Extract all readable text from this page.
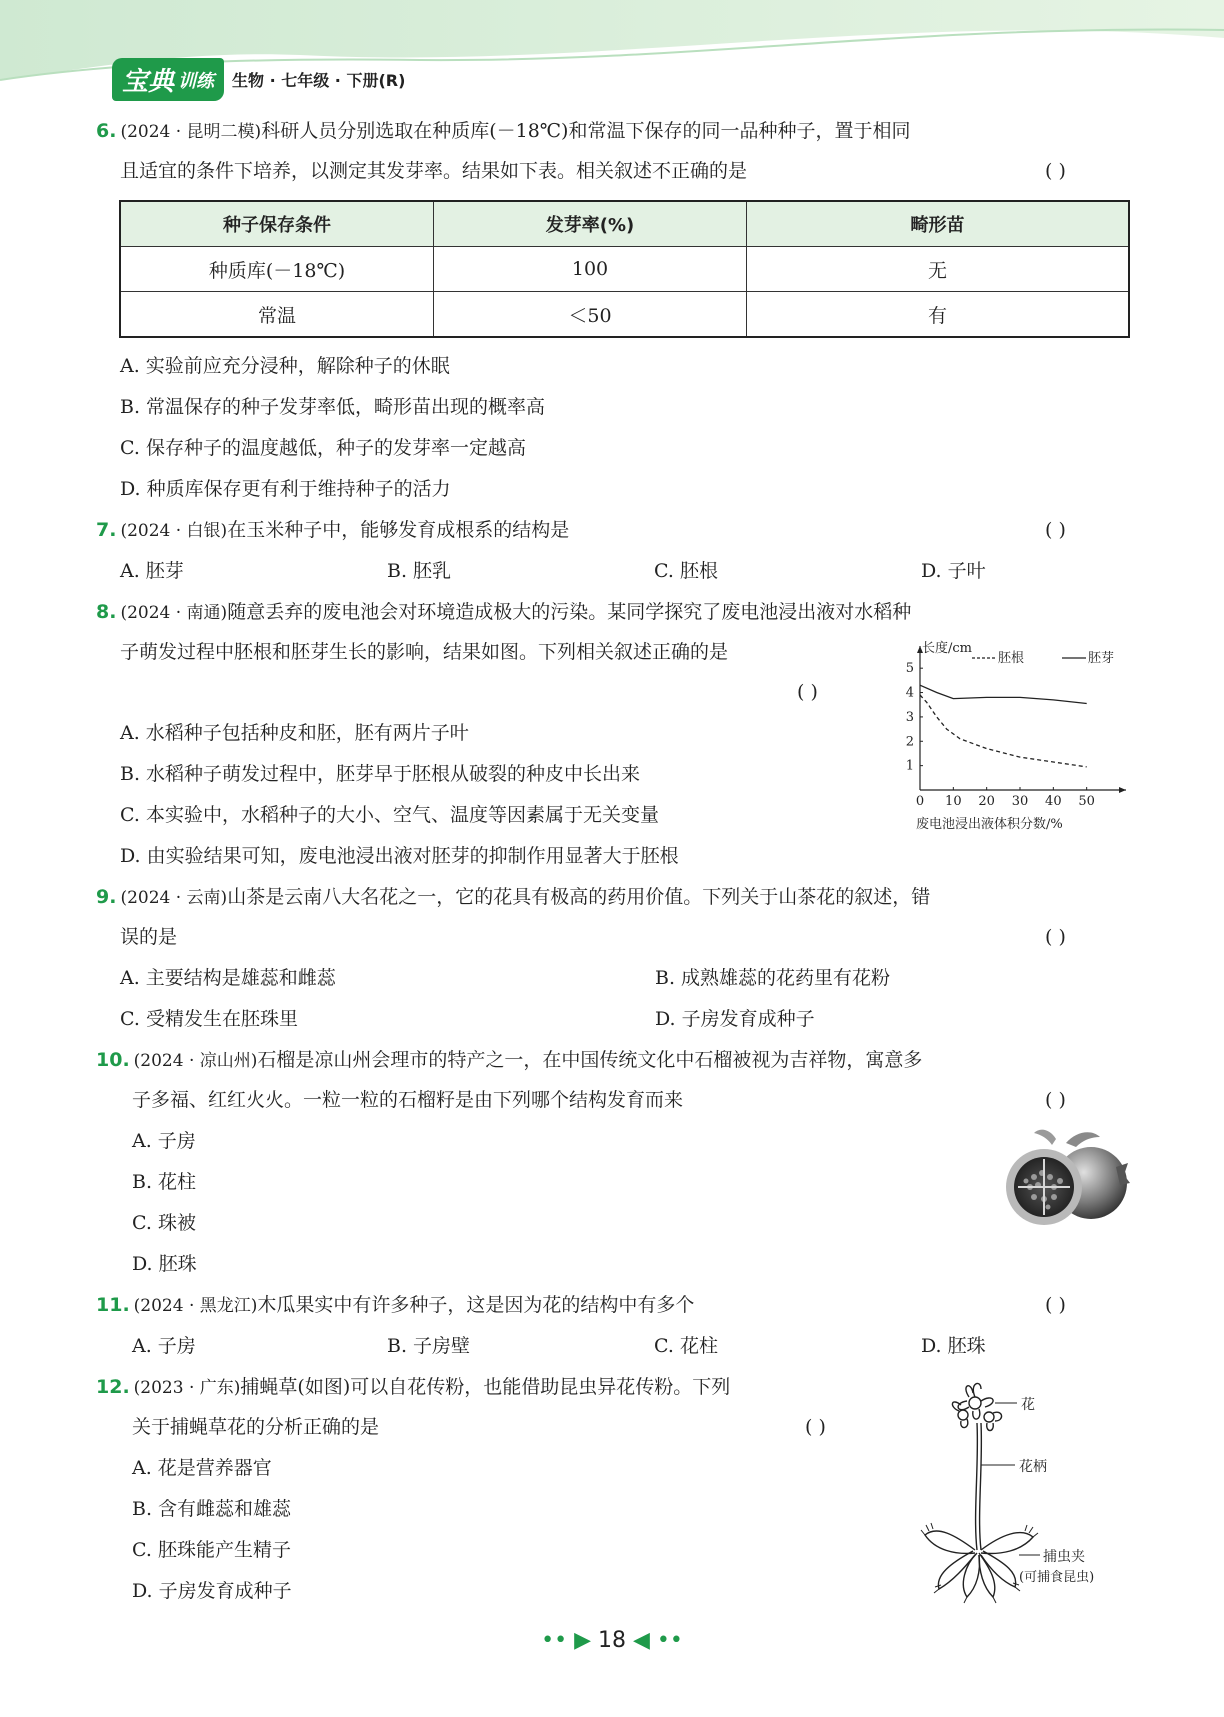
宝典 训练 生物 · 七年级 · 下册(R)
6. (2024 · 昆明二模)科研人员分别选取在种质库(－18℃)和常温下保存的同一品种种子，置于相同
且适宜的条件下培养，以测定其发芽率。结果如下表。相关叙述不正确的是	( )
种子保存条件	发芽率(%)	畸形苗
种质库(－18℃)	100	无
常温	＜50	有
A. 实验前应充分浸种，解除种子的休眠
B. 常温保存的种子发芽率低，畸形苗出现的概率高
C. 保存种子的温度越低，种子的发芽率一定越高
D. 种质库保存更有利于维持种子的活力
7. (2024 · 白银)在玉米种子中，能够发育成根系的结构是	( )
A. 胚芽	B. 胚乳	C. 胚根	D. 子叶
8. (2024 · 南通)随意丢弃的废电池会对环境造成极大的污染。某同学探究了废电池浸出液对水稻种
子萌发过程中胚根和胚芽生长的影响，结果如图。下列相关叙述正确的是
( )
A. 水稻种子包括种皮和胚，胚有两片子叶
B. 水稻种子萌发过程中，胚芽早于胚根从破裂的种皮中长出来
C. 本实验中，水稻种子的大小、空气、温度等因素属于无关变量
D. 由实验结果可知，废电池浸出液对胚芽的抑制作用显著大于胚根
0 10 20 30 40 50
1
2
3
4
5
胚根	胚芽
长度/cm
废电池浸出液体积分数/%
9. (2024 · 云南)山茶是云南八大名花之一，它的花具有极高的药用价值。下列关于山茶花的叙述，错
误的是	( )
A. 主要结构是雄蕊和雌蕊	B. 成熟雄蕊的花药里有花粉
C. 受精发生在胚珠里	D. 子房发育成种子
10. (2024 · 凉山州)石榴是凉山州会理市的特产之一，在中国传统文化中石榴被视为吉祥物，寓意多
子多福、红红火火。一粒一粒的石榴籽是由下列哪个结构发育而来	( )
A. 子房
B. 花柱
C. 珠被
D. 胚珠
11. (2024 · 黑龙江)木瓜果实中有许多种子，这是因为花的结构中有多个	( )
A. 子房	B. 子房壁	C. 花柱	D. 胚珠
12. (2023 · 广东)捕蝇草(如图)可以自花传粉，也能借助昆虫异花传粉。下列
关于捕蝇草花的分析正确的是	( )
A. 花是营养器官
B. 含有雌蕊和雄蕊
C. 胚珠能产生精子
D. 子房发育成种子
花
花柄
捕虫夹
(可捕食昆虫)
•• ▶ 18 ◀ ••
